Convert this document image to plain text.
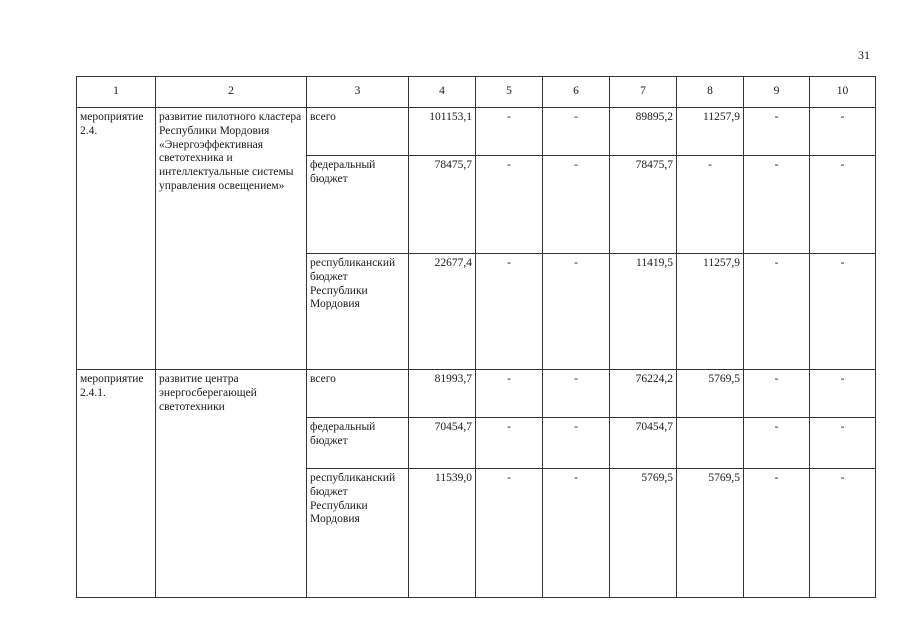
31
1	2	3	4	5	6	7	8	9	10
мероприятие 2.4.	развитие пилотного кластера Республики Мордовия «Энергоэффективная светотехника и интеллектуальные системы управления освещением»	всего	101153,1	-	-	89895,2	11257,9	-	-
		федеральный бюджет	78475,7	-	-	78475,7	-	-	-
		республиканский бюджет Республики Мордовия	22677,4	-	-	11419,5	11257,9	-	-
мероприятие 2.4.1.	развитие центра энергосберегающей светотехники	всего	81993,7	-	-	76224,2	5769,5	-	-
		федеральный бюджет	70454,7	-	-	70454,7		-	-
		республиканский бюджет Республики Мордовия	11539,0	-	-	5769,5	5769,5	-	-
